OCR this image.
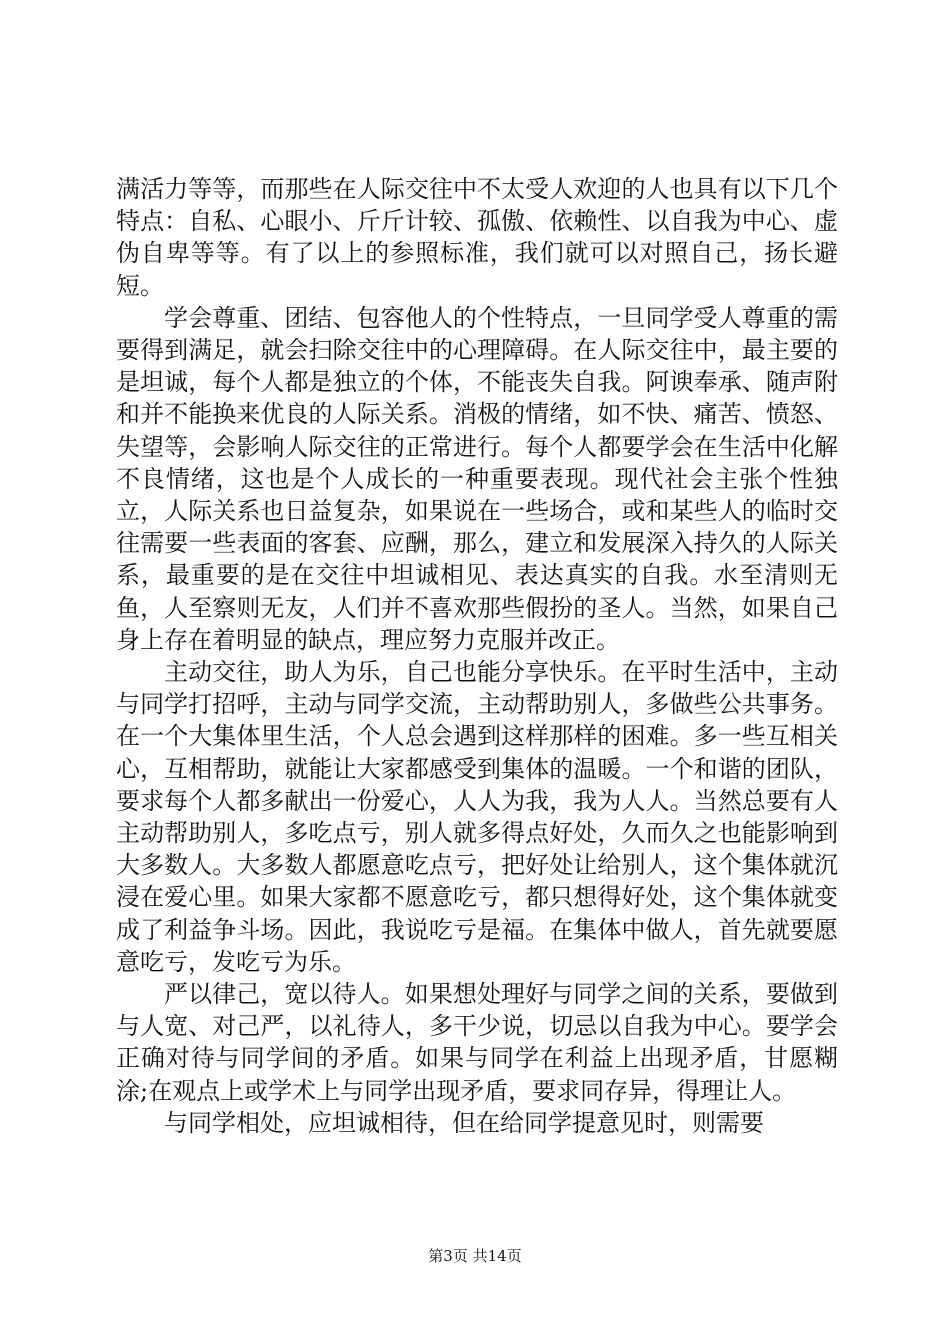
满活力等等，而那些在人际交往中不太受人欢迎的人也具有以下几个特点：自私、心眼小、斤斤计较、孤傲、依赖性、以自我为中心、虚伪自卑等等。有了以上的参照标准，我们就可以对照自己，扬长避短。

学会尊重、团结、包容他人的个性特点，一旦同学受人尊重的需要得到满足，就会扫除交往中的心理障碍。在人际交往中，最主要的是坦诚，每个人都是独立的个体，不能丧失自我。阿谀奉承、随声附和并不能换来优良的人际关系。消极的情绪，如不快、痛苦、愤怒、失望等，会影响人际交往的正常进行。每个人都要学会在生活中化解不良情绪，这也是个人成长的一种重要表现。现代社会主张个性独立，人际关系也日益复杂，如果说在一些场合，或和某些人的临时交往需要一些表面的客套、应酬，那么，建立和发展深入持久的人际关系，最重要的是在交往中坦诚相见、表达真实的自我。水至清则无鱼，人至察则无友，人们并不喜欢那些假扮的圣人。当然，如果自己身上存在着明显的缺点，理应努力克服并改正。

主动交往，助人为乐，自己也能分享快乐。在平时生活中，主动与同学打招呼，主动与同学交流，主动帮助别人，多做些公共事务。在一个大集体里生活，个人总会遇到这样那样的困难。多一些互相关心，互相帮助，就能让大家都感受到集体的温暖。一个和谐的团队，要求每个人都多献出一份爱心，人人为我，我为人人。当然总要有人主动帮助别人，多吃点亏，别人就多得点好处，久而久之也能影响到大多数人。大多数人都愿意吃点亏，把好处让给别人，这个集体就沉浸在爱心里。如果大家都不愿意吃亏，都只想得好处，这个集体就变成了利益争斗场。因此，我说吃亏是福。在集体中做人，首先就要愿意吃亏，发吃亏为乐。

严以律己，宽以待人。如果想处理好与同学之间的关系，要做到与人宽、对己严，以礼待人，多干少说，切忌以自我为中心。要学会正确对待与同学间的矛盾。如果与同学在利益上出现矛盾，甘愿糊涂;在观点上或学术上与同学出现矛盾，要求同存异，得理让人。

与同学相处，应坦诚相待，但在给同学提意见时，则需要

第3页 共14页
